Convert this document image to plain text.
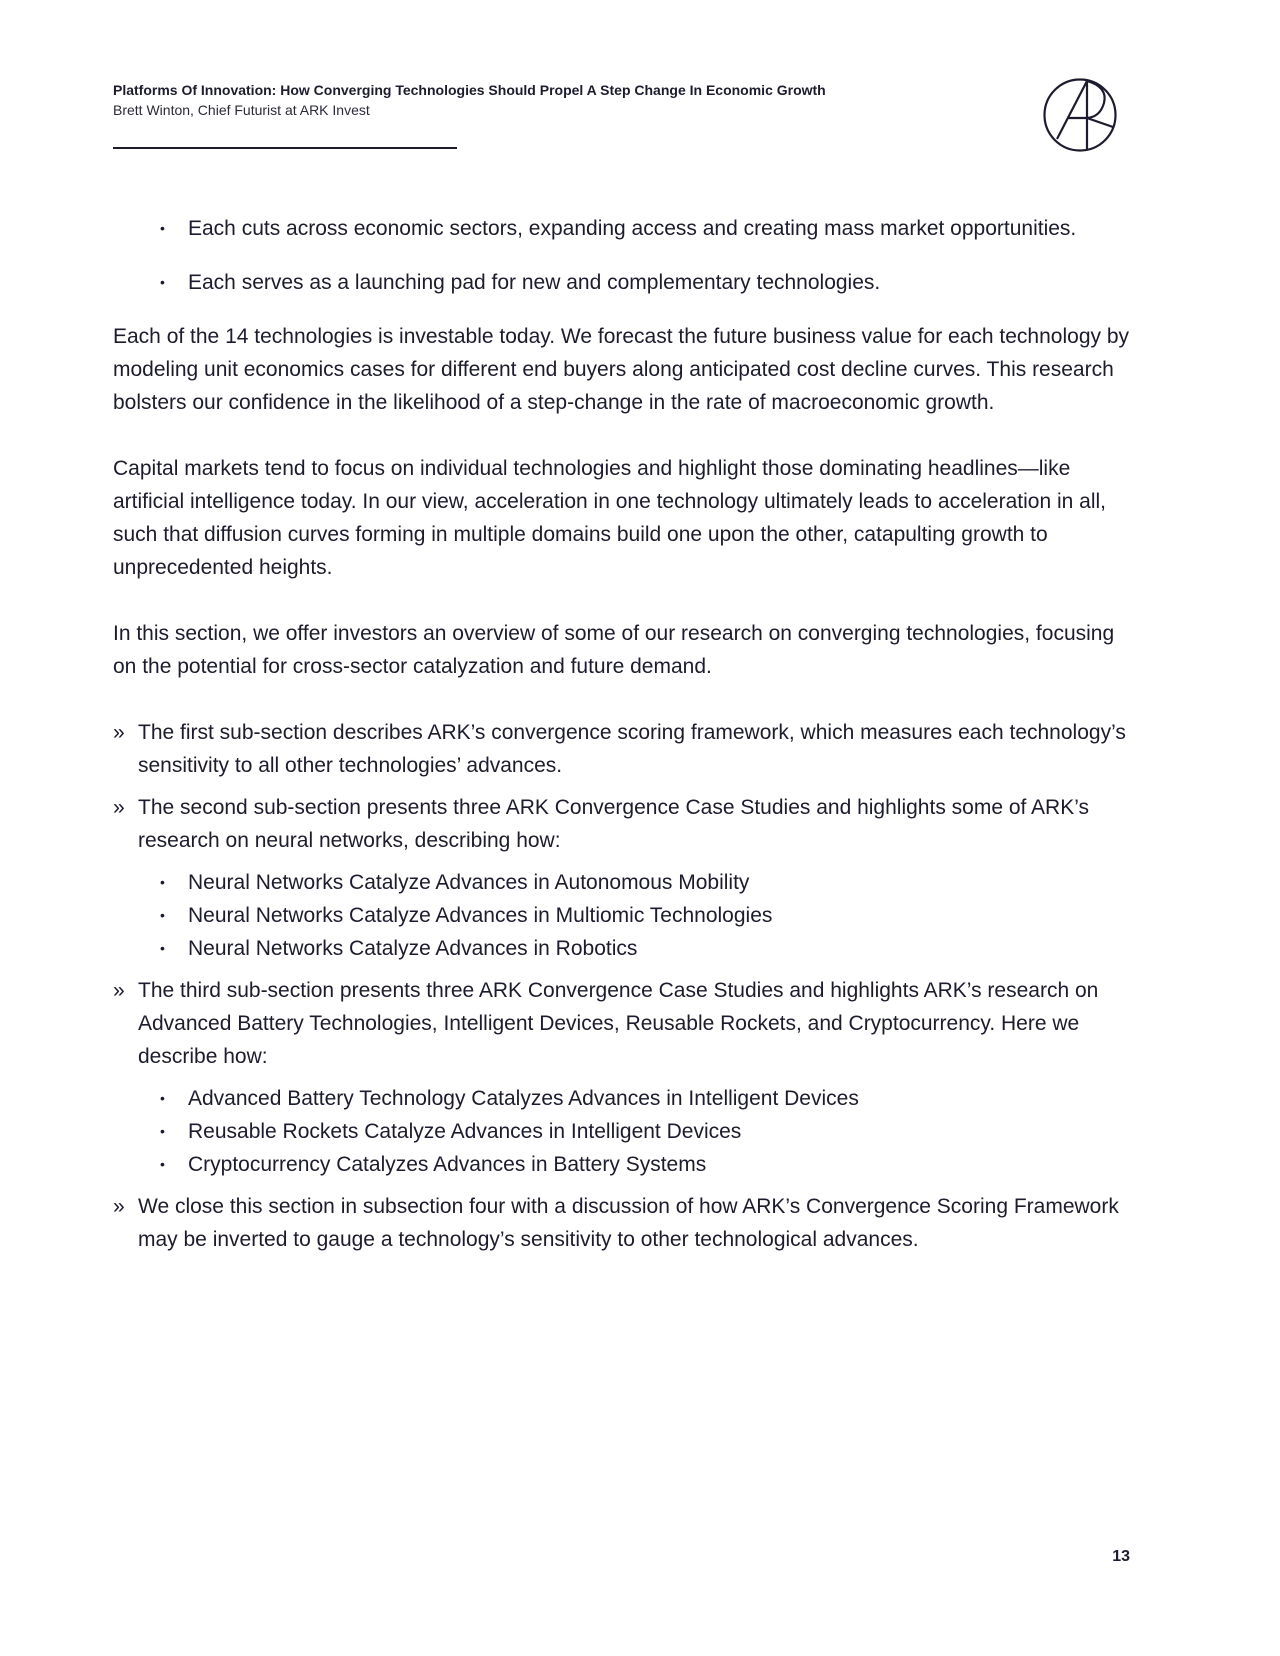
Platforms Of Innovation: How Converging Technologies Should Propel A Step Change In Economic Growth
Brett Winton, Chief Futurist at ARK Invest
• Each cuts across economic sectors, expanding access and creating mass market opportunities.
• Each serves as a launching pad for new and complementary technologies.

Each of the 14 technologies is investable today. We forecast the future business value for each technology by modeling unit economics cases for different end buyers along anticipated cost decline curves. This research bolsters our confidence in the likelihood of a step-change in the rate of macroeconomic growth.

Capital markets tend to focus on individual technologies and highlight those dominating headlines—like artificial intelligence today. In our view, acceleration in one technology ultimately leads to acceleration in all, such that diffusion curves forming in multiple domains build one upon the other, catapulting growth to unprecedented heights.

In this section, we offer investors an overview of some of our research on converging technologies, focusing on the potential for cross-sector catalyzation and future demand.

» The first sub-section describes ARK’s convergence scoring framework, which measures each technology’s sensitivity to all other technologies’ advances.
» The second sub-section presents three ARK Convergence Case Studies and highlights some of ARK’s research on neural networks, describing how:
• Neural Networks Catalyze Advances in Autonomous Mobility
• Neural Networks Catalyze Advances in Multiomic Technologies
• Neural Networks Catalyze Advances in Robotics
» The third sub-section presents three ARK Convergence Case Studies and highlights ARK’s research on Advanced Battery Technologies, Intelligent Devices, Reusable Rockets, and Cryptocurrency. Here we describe how:
• Advanced Battery Technology Catalyzes Advances in Intelligent Devices
• Reusable Rockets Catalyze Advances in Intelligent Devices
• Cryptocurrency Catalyzes Advances in Battery Systems
» We close this section in subsection four with a discussion of how ARK’s Convergence Scoring Framework may be inverted to gauge a technology’s sensitivity to other technological advances.
13
